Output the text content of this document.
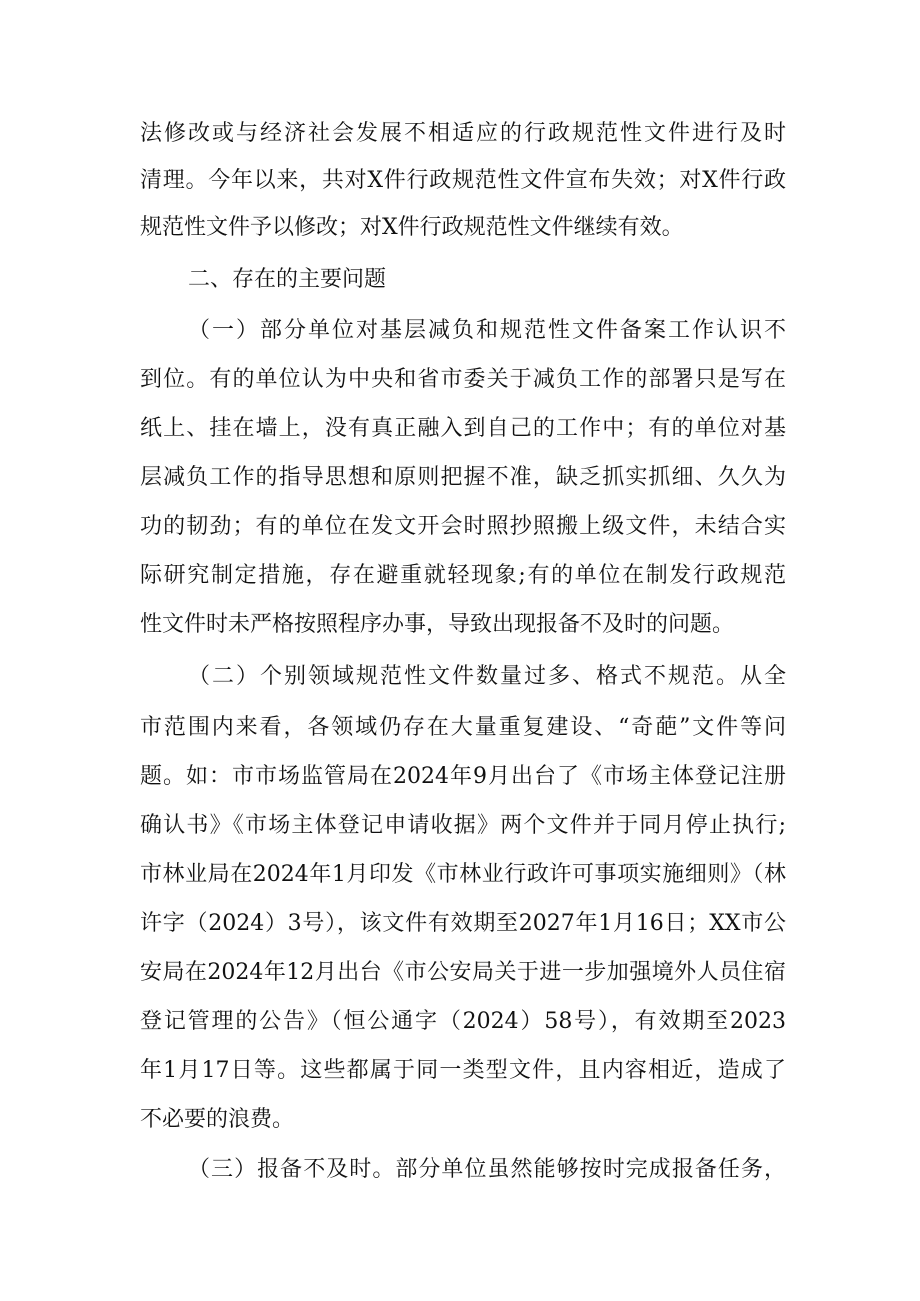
法修改或与经济社会发展不相适应的行政规范性文件进行及时
清理。今年以来，共对X件行政规范性文件宣布失效；对X件行政
规范性文件予以修改；对X件行政规范性文件继续有效。
二、存在的主要问题
（一）部分单位对基层减负和规范性文件备案工作认识不
到位。有的单位认为中央和省市委关于减负工作的部署只是写在
纸上、挂在墙上，没有真正融入到自己的工作中；有的单位对基
层减负工作的指导思想和原则把握不准，缺乏抓实抓细、久久为
功的韧劲；有的单位在发文开会时照抄照搬上级文件，未结合实
际研究制定措施，存在避重就轻现象;有的单位在制发行政规范
性文件时未严格按照程序办事，导致出现报备不及时的问题。
（二）个别领域规范性文件数量过多、格式不规范。从全
市范围内来看，各领域仍存在大量重复建设、“奇葩”文件等问
题。如：市市场监管局在2024年9月出台了《市场主体登记注册
确认书》《市场主体登记申请收据》两个文件并于同月停止执行;
市林业局在2024年1月印发《市林业行政许可事项实施细则》（林
许字（2024）3号），该文件有效期至2027年1月16日；XX市公
安局在2024年12月出台《市公安局关于进一步加强境外人员住宿
登记管理的公告》（恒公通字（2024）58号），有效期至2023
年1月17日等。这些都属于同一类型文件，且内容相近，造成了
不必要的浪费。
（三）报备不及时。部分单位虽然能够按时完成报备任务，
